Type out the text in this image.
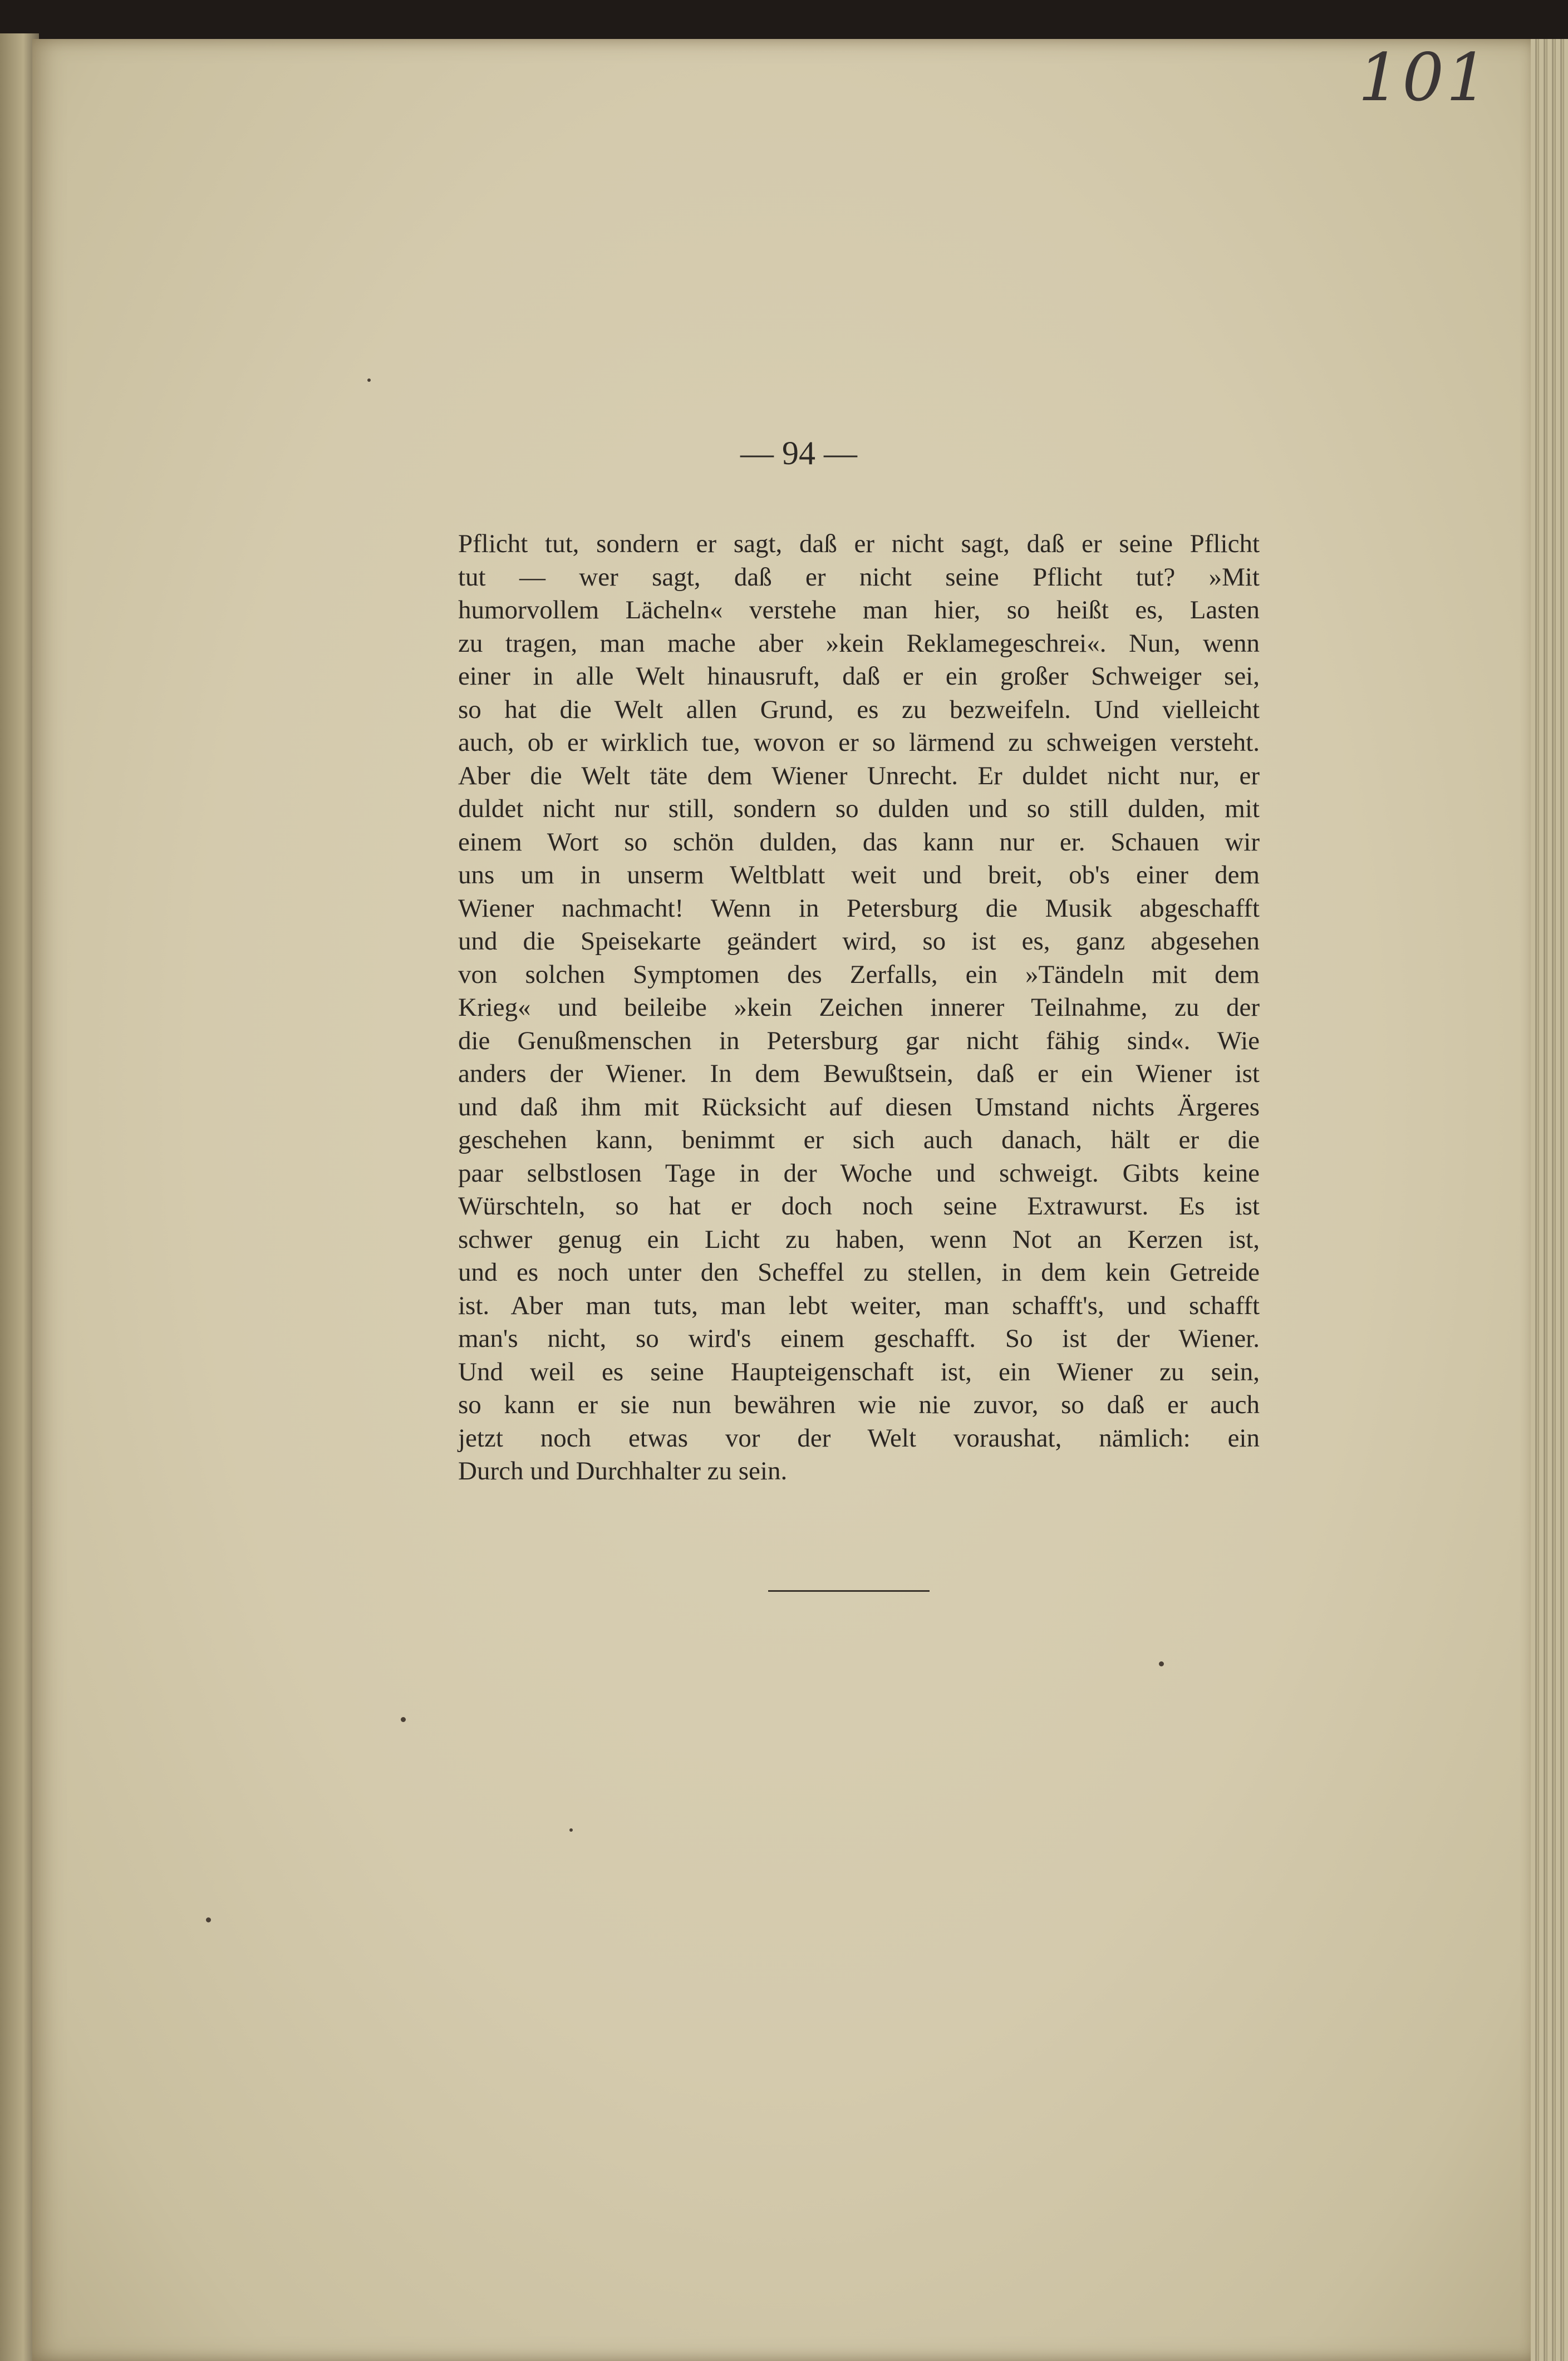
101
— 94 —
Pflicht tut, sondern er sagt, daß er nicht sagt, daß er seine Pflicht
tut — wer sagt, daß er nicht seine Pflicht tut? »Mit
humorvollem Lächeln« verstehe man hier, so heißt es, Lasten
zu tragen, man mache aber »kein Reklamegeschrei«. Nun, wenn
einer in alle Welt hinausruft, daß er ein großer Schweiger sei,
so hat die Welt allen Grund, es zu bezweifeln. Und vielleicht
auch, ob er wirklich tue, wovon er so lärmend zu schweigen versteht.
Aber die Welt täte dem Wiener Unrecht. Er duldet nicht nur, er
duldet nicht nur still, sondern so dulden und so still dulden, mit
einem Wort so schön dulden, das kann nur er. Schauen wir
uns um in unserm Weltblatt weit und breit, ob's einer dem
Wiener nachmacht! Wenn in Petersburg die Musik abgeschafft
und die Speisekarte geändert wird, so ist es, ganz abgesehen
von solchen Symptomen des Zerfalls, ein »Tändeln mit dem
Krieg« und beileibe »kein Zeichen innerer Teilnahme, zu der
die Genußmenschen in Petersburg gar nicht fähig sind«. Wie
anders der Wiener. In dem Bewußtsein, daß er ein Wiener ist
und daß ihm mit Rücksicht auf diesen Umstand nichts Ärgeres
geschehen kann, benimmt er sich auch danach, hält er die
paar selbstlosen Tage in der Woche und schweigt. Gibts keine
Würschteln, so hat er doch noch seine Extrawurst. Es ist
schwer genug ein Licht zu haben, wenn Not an Kerzen ist,
und es noch unter den Scheffel zu stellen, in dem kein Getreide
ist. Aber man tuts, man lebt weiter, man schafft's, und schafft
man's nicht, so wird's einem geschafft. So ist der Wiener.
Und weil es seine Haupteigenschaft ist, ein Wiener zu sein,
so kann er sie nun bewähren wie nie zuvor, so daß er auch
jetzt noch etwas vor der Welt voraushat, nämlich: ein
Durch und Durchhalter zu sein.
